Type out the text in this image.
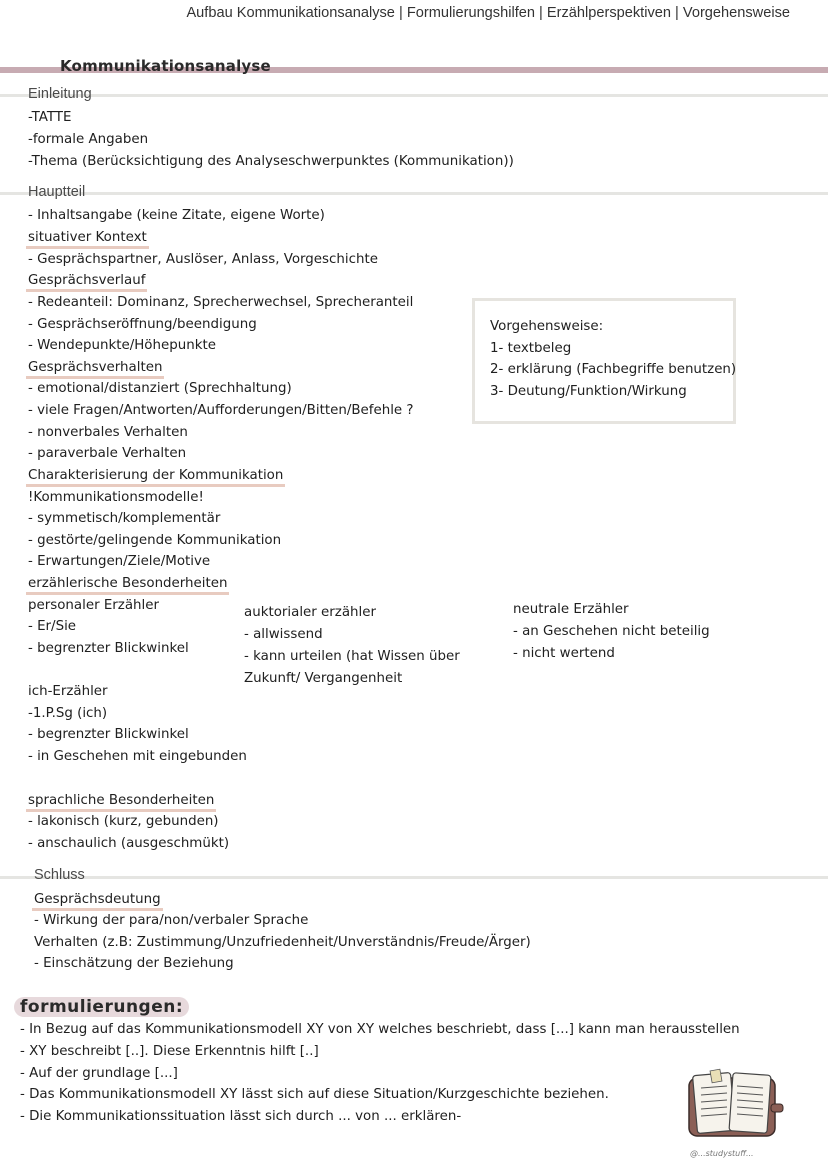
Aufbau Kommunikationsanalyse | Formulierungshilfen | Erzählperspektiven | Vorgehensweise
Kommunikationsanalyse
Einleitung
-TATTE
-formale Angaben
-Thema (Berücksichtigung des Analyseschwerpunktes (Kommunikation))
Hauptteil
- Inhaltsangabe (keine Zitate, eigene Worte)
situativer Kontext
- Gesprächspartner, Auslöser, Anlass, Vorgeschichte
Gesprächsverlauf
- Redeanteil: Dominanz, Sprecherwechsel, Sprecheranteil
- Gesprächseröffnung/beendigung
- Wendepunkte/Höhepunkte
Gesprächsverhalten
- emotional/distanziert (Sprechhaltung)
- viele Fragen/Antworten/Aufforderungen/Bitten/Befehle ?
- nonverbales Verhalten
- paraverbale Verhalten
Charakterisierung der Kommunikation
!Kommunikationsmodelle!
- symmetisch/komplementär
- gestörte/gelingende Kommunikation
- Erwartungen/Ziele/Motive
erzählerische Besonderheiten
personaler Erzähler
- Er/Sie
- begrenzter Blickwinkel
auktorialer erzähler
- allwissend
- kann urteilen (hat Wissen über
Zukunft/ Vergangenheit
neutrale Erzähler
- an Geschehen nicht beteilig
- nicht wertend
ich-Erzähler
-1.P.Sg (ich)
- begrenzter Blickwinkel
- in Geschehen mit eingebunden
sprachliche Besonderheiten
- lakonisch (kurz, gebunden)
- anschaulich (ausgeschmükt)
Vorgehensweise:
1- textbeleg
2- erklärung (Fachbegriffe benutzen)
3- Deutung/Funktion/Wirkung
Schluss
Gesprächsdeutung
- Wirkung der para/non/verbaler Sprache
Verhalten (z.B: Zustimmung/Unzufriedenheit/Unverständnis/Freude/Ärger)
- Einschätzung der Beziehung
formulierungen:
- In Bezug auf das Kommunikationsmodell XY von XY welches beschriebt, dass [...] kann man herausstellen
- XY beschreibt [..]. Diese Erkenntnis hilft [..]
- Auf der grundlage [...]
- Das Kommunikationsmodell XY lässt sich auf diese Situation/Kurzgeschichte beziehen.
- Die Kommunikationssituation lässt sich durch ... von ... erklären-
@...studystuff...
